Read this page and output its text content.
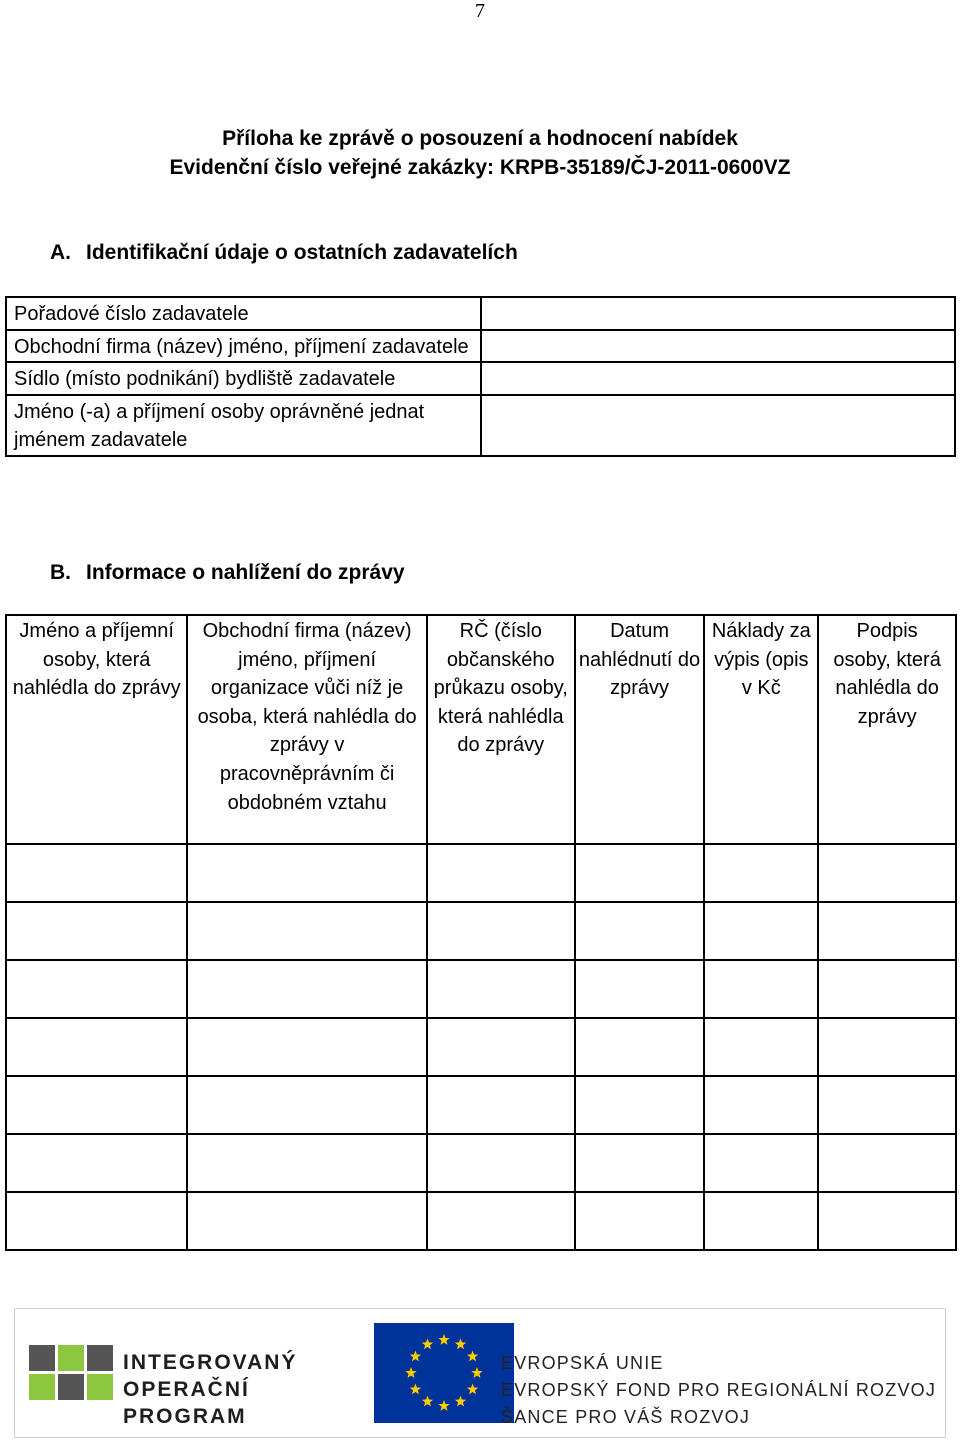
7
Příloha ke zprávě o posouzení a hodnocení nabídek
Evidenční číslo veřejné zakázky: KRPB-35189/ČJ-2011-0600VZ
A. Identifikační údaje o ostatních zadavatelích
Pořadové číslo zadavatele	
Obchodní firma (název) jméno, příjmení zadavatele	
Sídlo (místo podnikání) bydliště zadavatele	
Jméno (-a) a příjmení osoby oprávněné jednat jménem zadavatele	
B. Informace o nahlížení do zprávy
Jméno a příjemní osoby, která nahlédla do zprávy	Obchodní firma (název) jméno, příjmení organizace vůči níž je osoba, která nahlédla do zprávy v pracovněprávním či obdobném vztahu	RČ (číslo občanského průkazu osoby, která nahlédla do zprávy	Datum nahlédnutí do zprávy	Náklady za výpis (opis v Kč	Podpis osoby, která nahlédla do zprávy

INTEGROVANÝ
OPERAČNÍ
PROGRAM
EVROPSKÁ UNIE
EVROPSKÝ FOND PRO REGIONÁLNÍ ROZVOJ
ŠANCE PRO VÁŠ ROZVOJ
